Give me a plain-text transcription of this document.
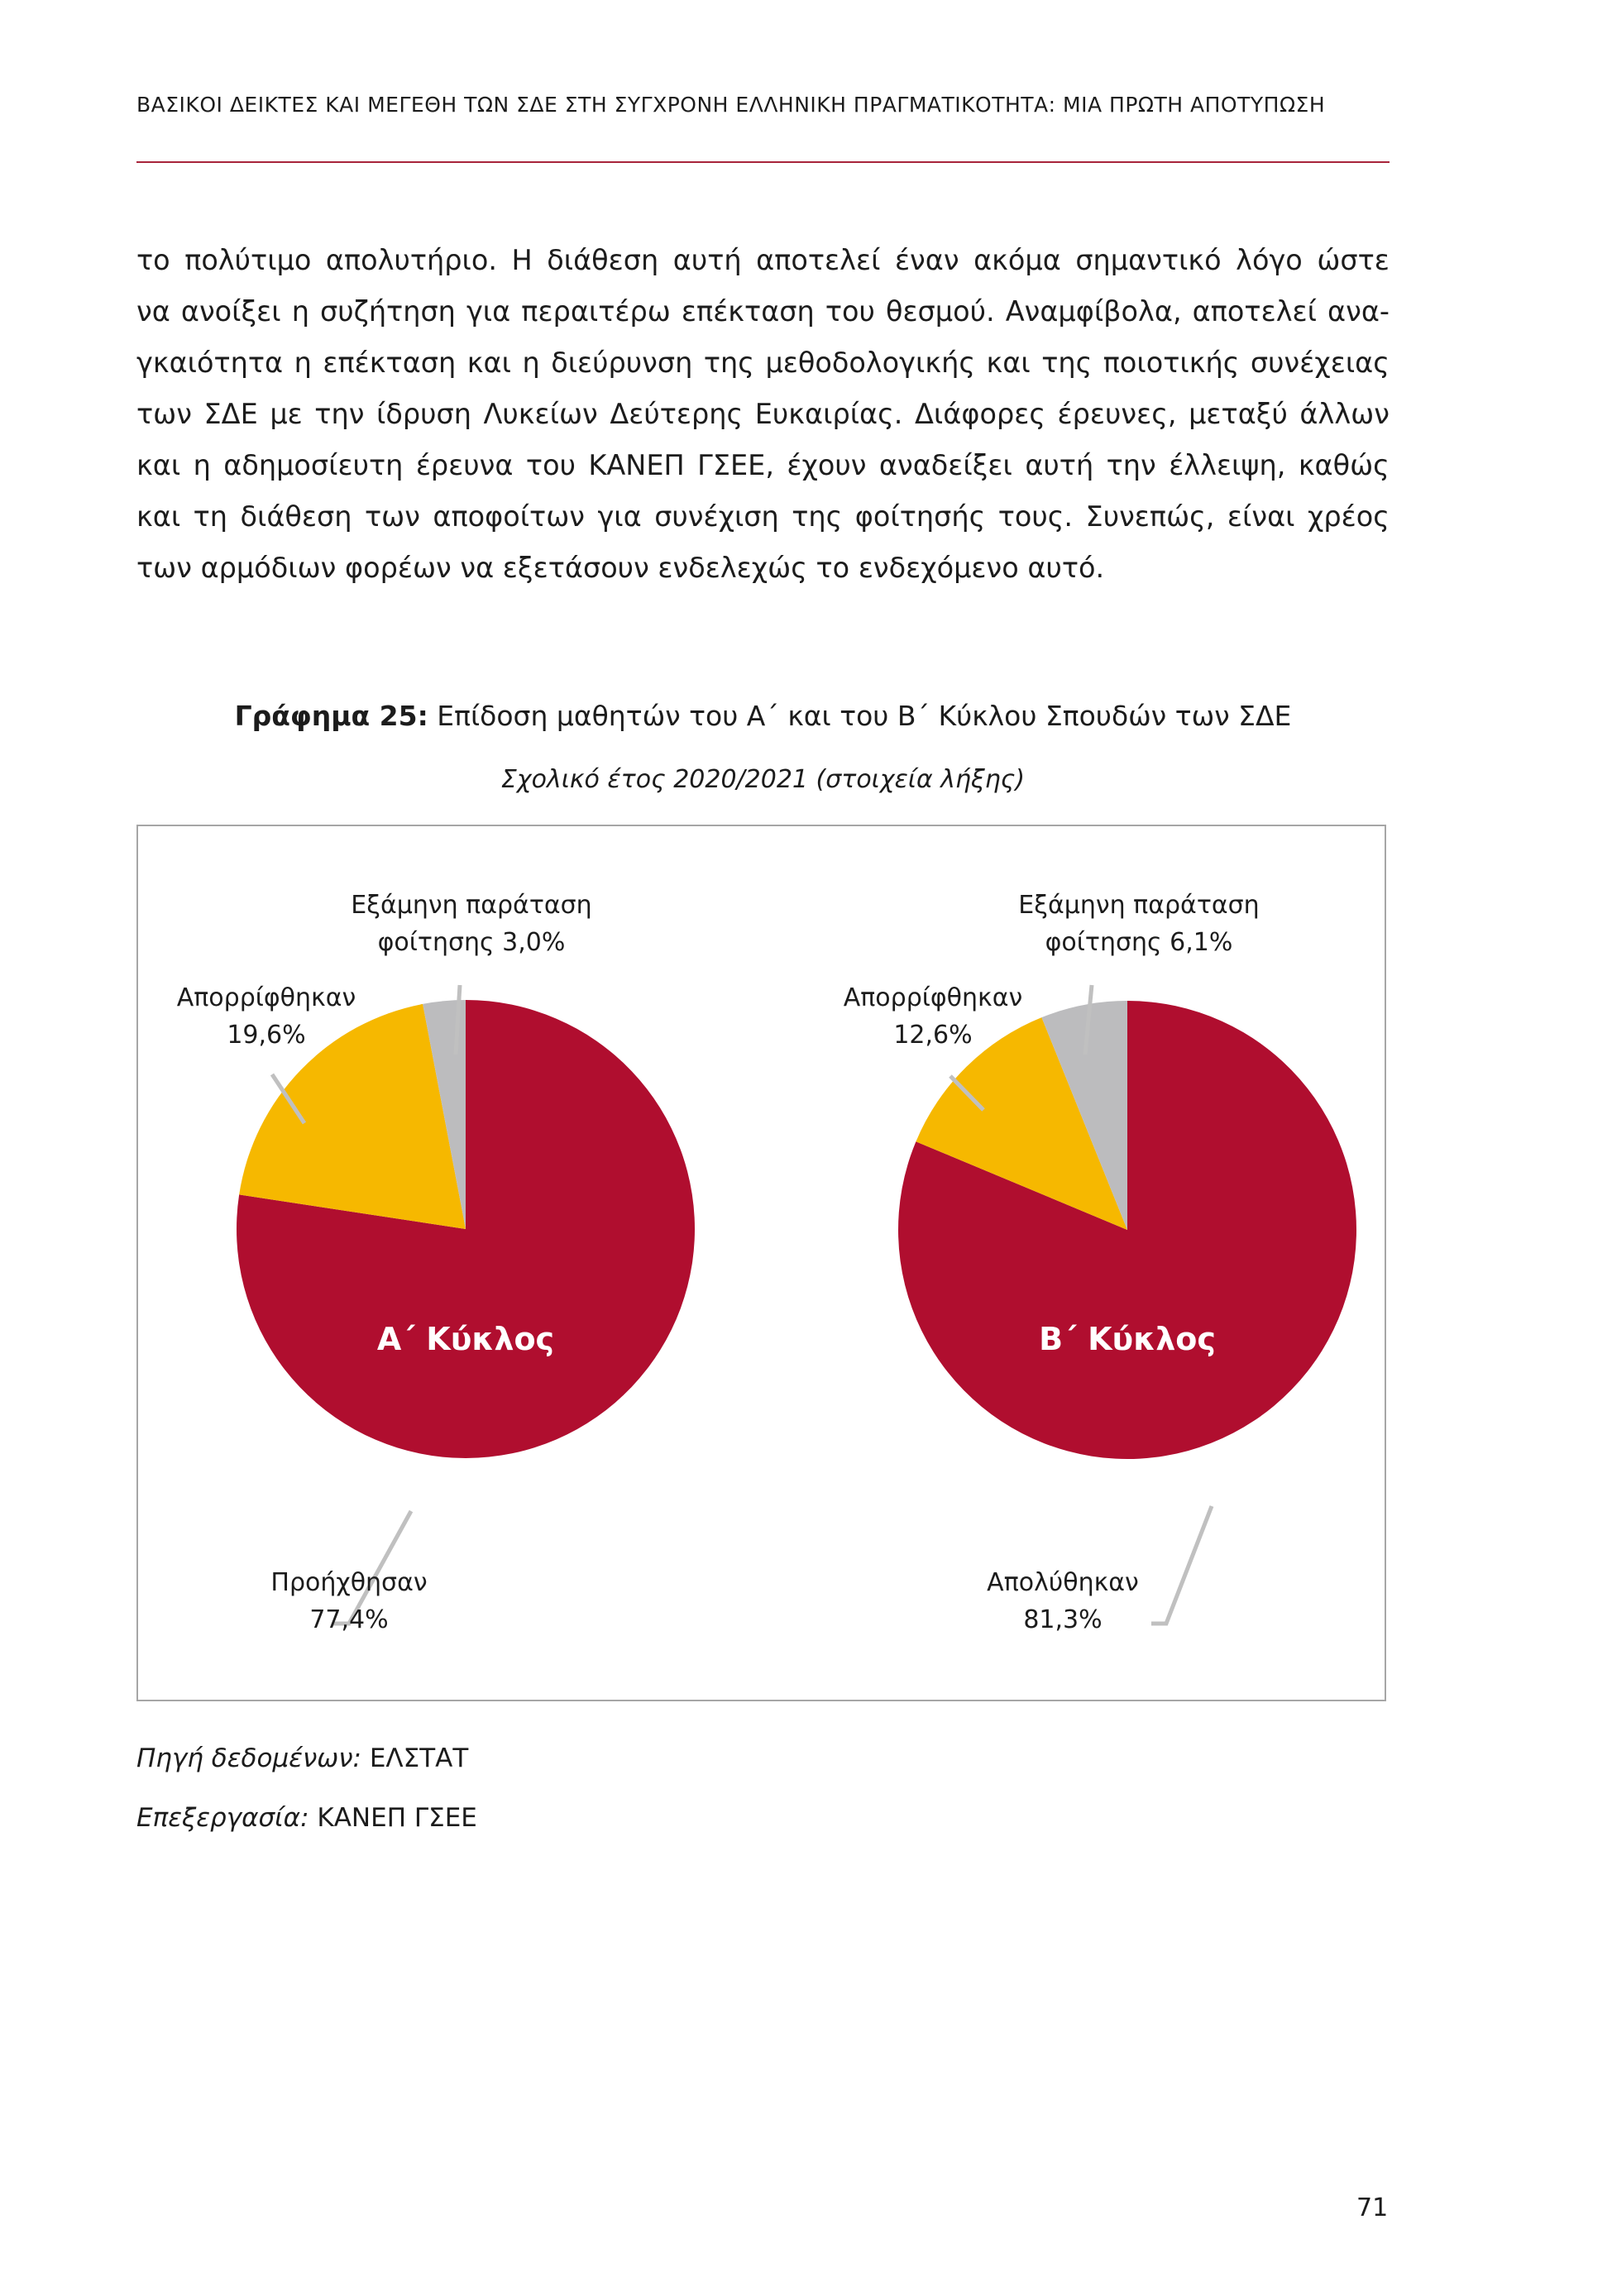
ΒΑΣΙΚΟΙ ΔΕΙΚΤΕΣ ΚΑΙ ΜΕΓΕΘΗ ΤΩΝ ΣΔΕ ΣΤΗ ΣΥΓΧΡΟΝΗ ΕΛΛΗΝΙΚΗ ΠΡΑΓΜΑΤΙΚΟΤΗΤΑ: ΜΙΑ ΠΡΩΤΗ ΑΠΟΤΥΠΩΣΗ
το πολύτιμο απολυτήριο. Η διάθεση αυτή αποτελεί έναν ακόμα σημαντικό λόγο ώστε
να ανοίξει η συζήτηση για περαιτέρω επέκταση του θεσμού. Αναμφίβολα, αποτελεί ανα-
γκαιότητα η επέκταση και η διεύρυνση της μεθοδολογικής και της ποιοτικής συνέχειας
των ΣΔΕ με την ίδρυση Λυκείων Δεύτερης Ευκαιρίας. Διάφορες έρευνες, μεταξύ άλλων
και η αδημοσίευτη έρευνα του ΚΑΝΕΠ ΓΣΕΕ, έχουν αναδείξει αυτή την έλλειψη, καθώς
και τη διάθεση των αποφοίτων για συνέχιση της φοίτησής τους. Συνεπώς, είναι χρέος
των αρμόδιων φορέων να εξετάσουν ενδελεχώς το ενδεχόμενο αυτό.
Γράφημα 25: Επίδοση μαθητών του Α΄ και του Β΄ Κύκλου Σπουδών των ΣΔΕ
Σχολικό έτος 2020/2021 (στοιχεία λήξης)
Προήχθησαν
77,4%
Απορρίφθηκαν
19,6%
Εξάμηνη παράταση
φοίτησης 3,0%
Α΄ Κύκλος
Απολύθηκαν
81,3%
Απορρίφθηκαν
12,6%
Εξάμηνη παράταση
φοίτησης 6,1%
Β΄ Κύκλος
Πηγή δεδομένων: ΕΛΣΤΑΤ
Επεξεργασία: ΚΑΝΕΠ ΓΣΕΕ
71
